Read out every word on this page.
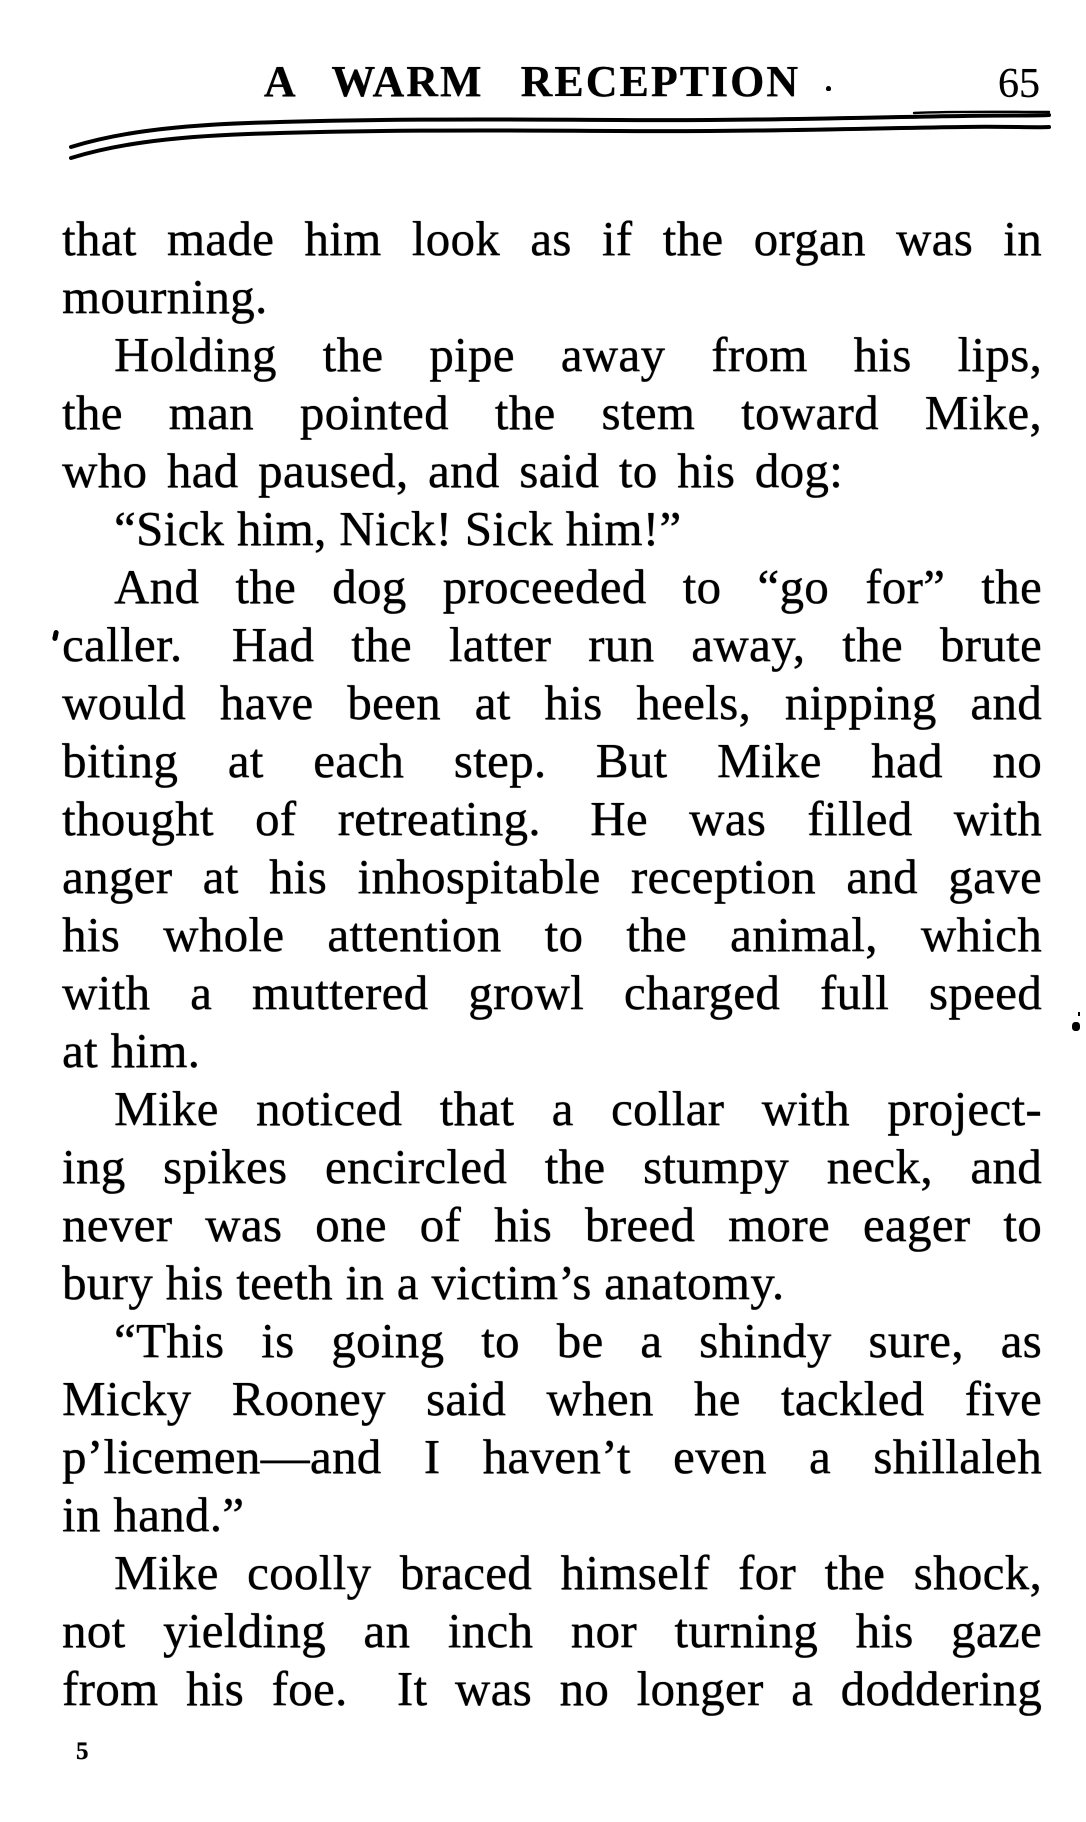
A WARM RECEPTION	65
that made him look as if the organ was in
mourning.
Holding the pipe away from his lips,
the man pointed the stem toward Mike,
who had paused, and said to his dog:
“Sick him, Nick! Sick him!”
And the dog proceeded to “go for” the
caller. Had the latter run away, the brute
would have been at his heels, nipping and
biting at each step. But Mike had no
thought of retreating. He was filled with
anger at his inhospitable reception and gave
his whole attention to the animal, which
with a muttered growl charged full speed
at him.
Mike noticed that a collar with project-
ing spikes encircled the stumpy neck, and
never was one of his breed more eager to
bury his teeth in a victim’s anatomy.
“This is going to be a shindy sure, as
Micky Rooney said when he tackled five
p’licemen—and I haven’t even a shillaleh
in hand.”
Mike coolly braced himself for the shock,
not yielding an inch nor turning his gaze
from his foe. It was no longer a doddering
5
